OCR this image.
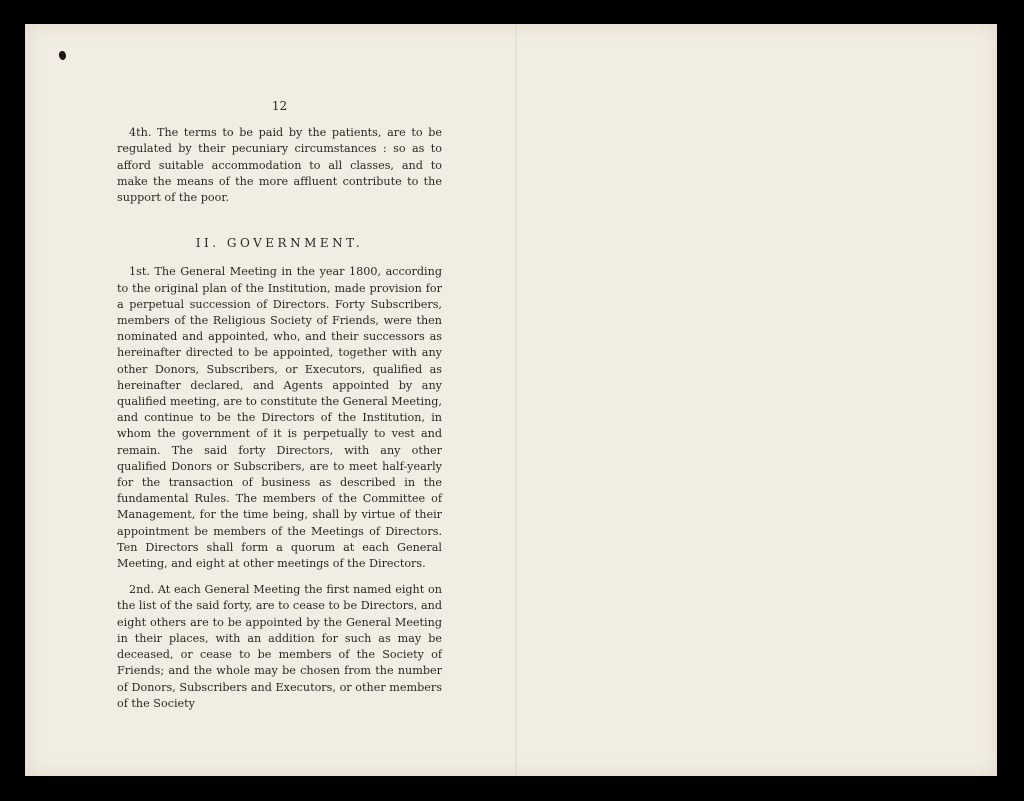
12

4th. The terms to be paid by the patients, are to be regulated by their pecuniary circumstances : so as to afford suitable accommodation to all classes, and to make the means of the more affluent contribute to the support of the poor.

II. GOVERNMENT.

1st. The General Meeting in the year 1800, according to the original plan of the Institution, made provision for a perpetual succession of Directors. Forty Subscribers, members of the Religious Society of Friends, were then nominated and appointed, who, and their successors as hereinafter directed to be appointed, together with any other Donors, Subscribers, or Executors, qualified as hereinafter declared, and Agents appointed by any qualified meeting, are to constitute the General Meeting, and continue to be the Directors of the Institution, in whom the government of it is perpetually to vest and remain. The said forty Directors, with any other qualified Donors or Subscribers, are to meet half-yearly for the transaction of business as described in the fundamental Rules. The members of the Committee of Management, for the time being, shall by virtue of their appointment be members of the Meetings of Directors. Ten Directors shall form a quorum at each General Meeting, and eight at other meetings of the Directors.

2nd. At each General Meeting the first named eight on the list of the said forty, are to cease to be Directors, and eight others are to be appointed by the General Meeting in their places, with an addition for such as may be deceased, or cease to be members of the Society of Friends; and the whole may be chosen from the number of Donors, Subscribers and Executors, or other members of the Society
